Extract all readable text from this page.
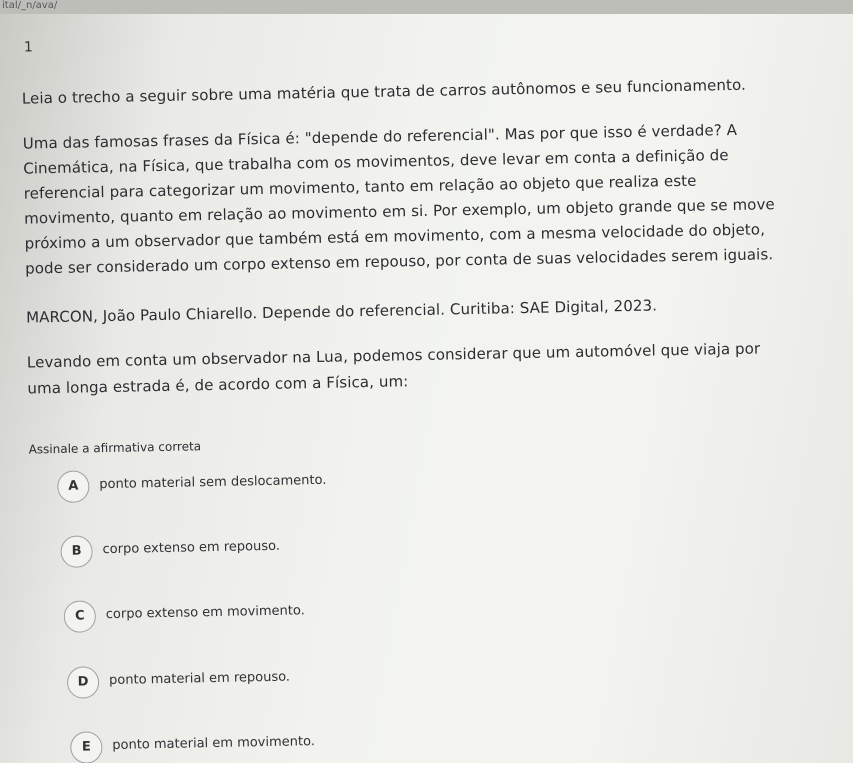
ital/_n/ava/
1
Leia o trecho a seguir sobre uma matéria que trata de carros autônomos e seu funcionamento.
Uma das famosas frases da Física é: "depende do referencial". Mas por que isso é verdade? A
Cinemática, na Física, que trabalha com os movimentos, deve levar em conta a definição de
referencial para categorizar um movimento, tanto em relação ao objeto que realiza este
movimento, quanto em relação ao movimento em si. Por exemplo, um objeto grande que se move
próximo a um observador que também está em movimento, com a mesma velocidade do objeto,
pode ser considerado um corpo extenso em repouso, por conta de suas velocidades serem iguais.
MARCON, João Paulo Chiarello. Depende do referencial. Curitiba: SAE Digital, 2023.
Levando em conta um observador na Lua, podemos considerar que um automóvel que viaja por
uma longa estrada é, de acordo com a Física, um:
Assinale a afirmativa correta
A	ponto material sem deslocamento.
B	corpo extenso em repouso.
C	corpo extenso em movimento.
D	ponto material em repouso.
E	ponto material em movimento.
